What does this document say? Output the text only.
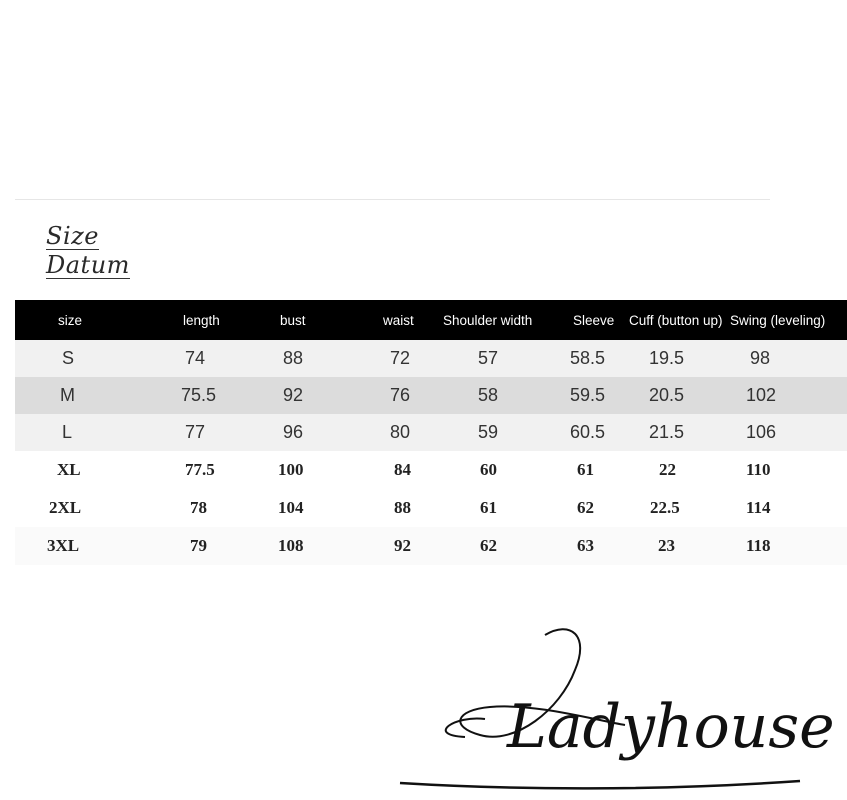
Size
Datum
size	length	bust	waist	Shoulder width	Sleeve	Cuff (button up)	Swing (leveling)
S	74	88	72	57	58.5	19.5	98
M	75.5	92	76	58	59.5	20.5	102
L	77	96	80	59	60.5	21.5	106
XL	77.5	100	84	60	61	22	110
2XL	78	104	88	61	62	22.5	114
3XL	79	108	92	62	63	23	118
Ladyhouse
